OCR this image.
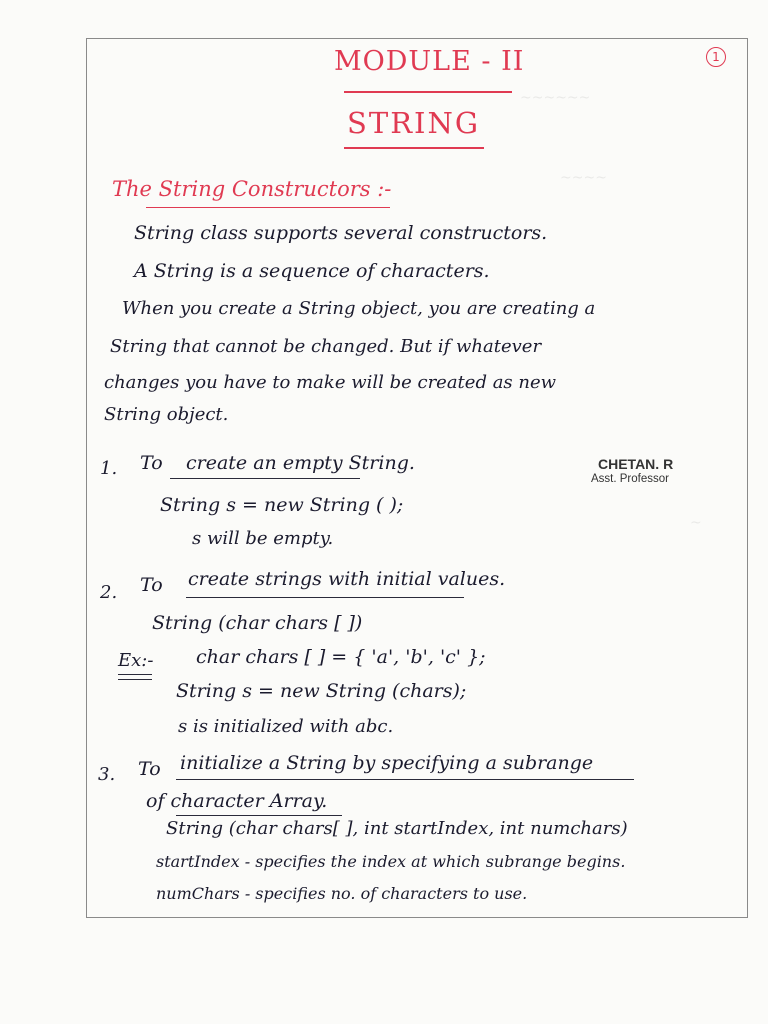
1
~~~~~~
~~~~
~
MODULE - II
STRING
The String Constructors :-
String class supports several constructors.
A String is a sequence of characters.
When you create a String object, you are creating a
String that cannot be changed. But if whatever
changes you have to make will be created as new
String object.
CHETAN. R
Asst. Professor
1. To create an empty String.
String s = new String ( );
s will be empty.
2. To create strings with initial values.
String (char chars [ ])
Ex:- char chars [ ] = { 'a', 'b', 'c' };
String s = new String (chars);
s is initialized with abc.
3. To initialize a String by specifying a subrange
of character Array.
String (char chars[ ], int startIndex, int numchars)
startIndex - specifies the index at which subrange begins.
numChars - specifies no. of characters to use.
